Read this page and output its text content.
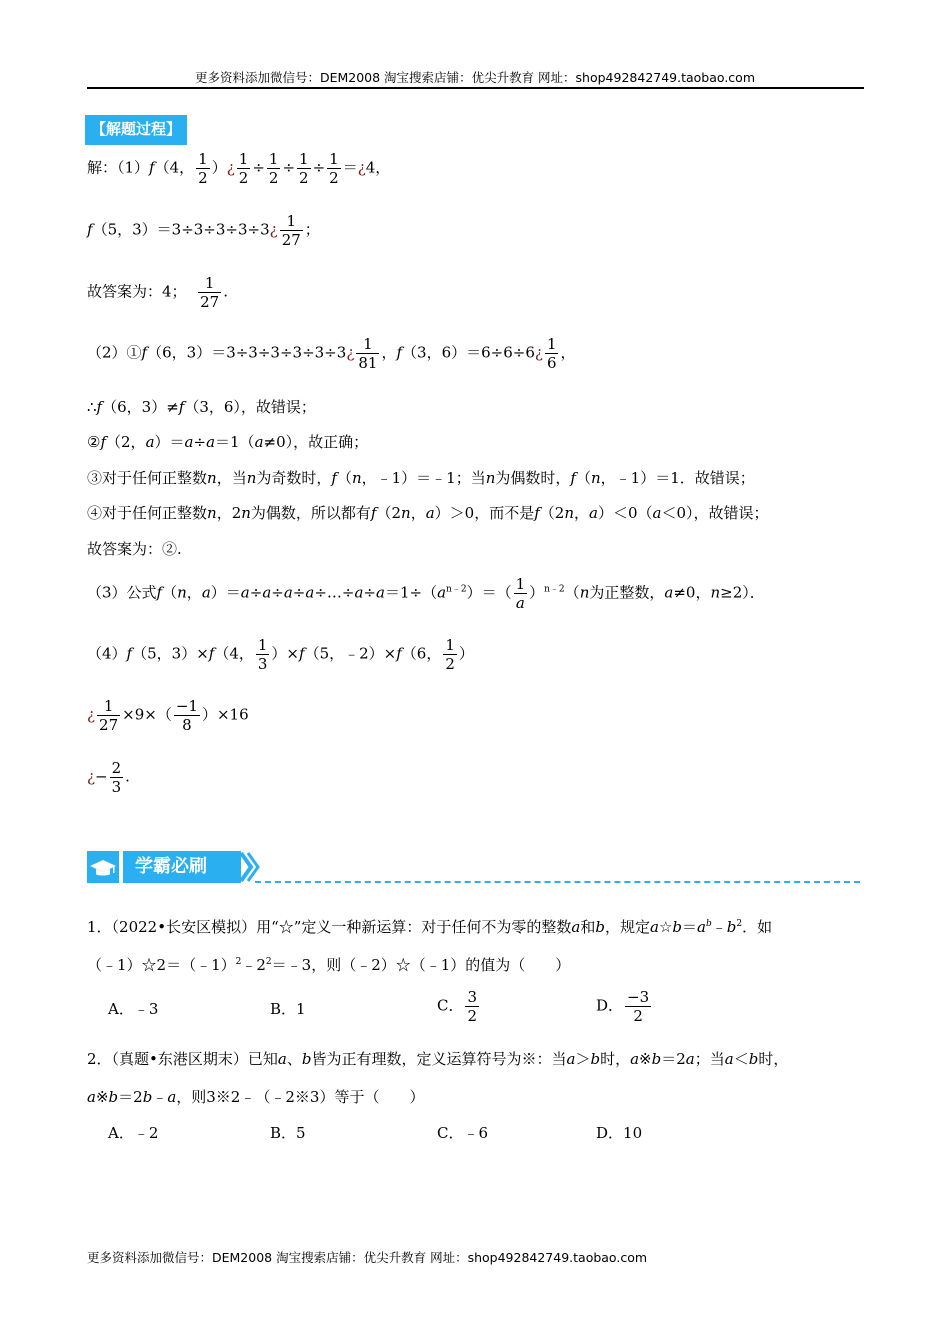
更多资料添加微信号：DEM2008 淘宝搜索店铺：优尖升教育 网址：shop492842749.taobao.com
【解题过程】
解：（1）f（4， $\frac{1}{2}$ ）¿ $\frac{1}{2} \div \frac{1}{2} \div \frac{1}{2} \div \frac{1}{2}$ ＝¿4，
f（5，3）＝3÷3÷3÷3÷3¿ $\frac{1}{27}$ ；
故答案为：4； $\frac{1}{27}$ .
（2）①f（6，3）＝3÷3÷3÷3÷3÷3¿ $\frac{1}{81}$ ，f（3，6）＝6÷6÷6¿ $\frac{1}{6}$ ，
∴f（6，3）≠f（3，6），故错误；
②f（2，a）＝a÷a＝1（a≠0），故正确；
③对于任何正整数n，当n为奇数时，f（n，﹣1）＝﹣1；当n为偶数时，f（n，﹣1）＝1．故错误；
④对于任何正整数n，2n为偶数，所以都有f（2n，a）＞0，而不是f（2n，a）＜0（a＜0），故错误；
故答案为：②.
（3）公式f（n，$a)=a\div a\div a\div a\div\dots\div a\div a=1\div(a^{n﹣2})=( \frac{1}{a} )^{n﹣2}(n$为正整数，a≠0，n≥2）．
（4）f（5，3）×f（4， $\frac{1}{3} )\times f(5$，﹣2）×f（6， $\frac{1}{2}$ ）
¿ $\frac{1}{27} \times 9\times( \frac{-1}{8} )\times 16$
¿− $\frac{2}{3}$ .
学霸必刷
1．（2022•长安区模拟）用“☆”定义一种新运算：对于任何不为零的整数a和b，规定$a☆b=a^b﹣b^2$．如
$(﹣1)☆2=(﹣1)^2﹣2^2=﹣3$，则（﹣2）☆（﹣1）的值为（　　）
A．﹣3	B．1	C． $\frac{3}{2}$	D． $\frac{-3}{2}$
2．（真题•东港区期末）已知a、b皆为正有理数，定义运算符号为※：当a＞b时，a※b＝2a；当a＜b时，
a※b＝2b﹣a，则3※2﹣（﹣2※3）等于（　　）
A．﹣2	B．5	C．﹣6	D．10
更多资料添加微信号：DEM2008 淘宝搜索店铺：优尖升教育 网址：shop492842749.taobao.com
